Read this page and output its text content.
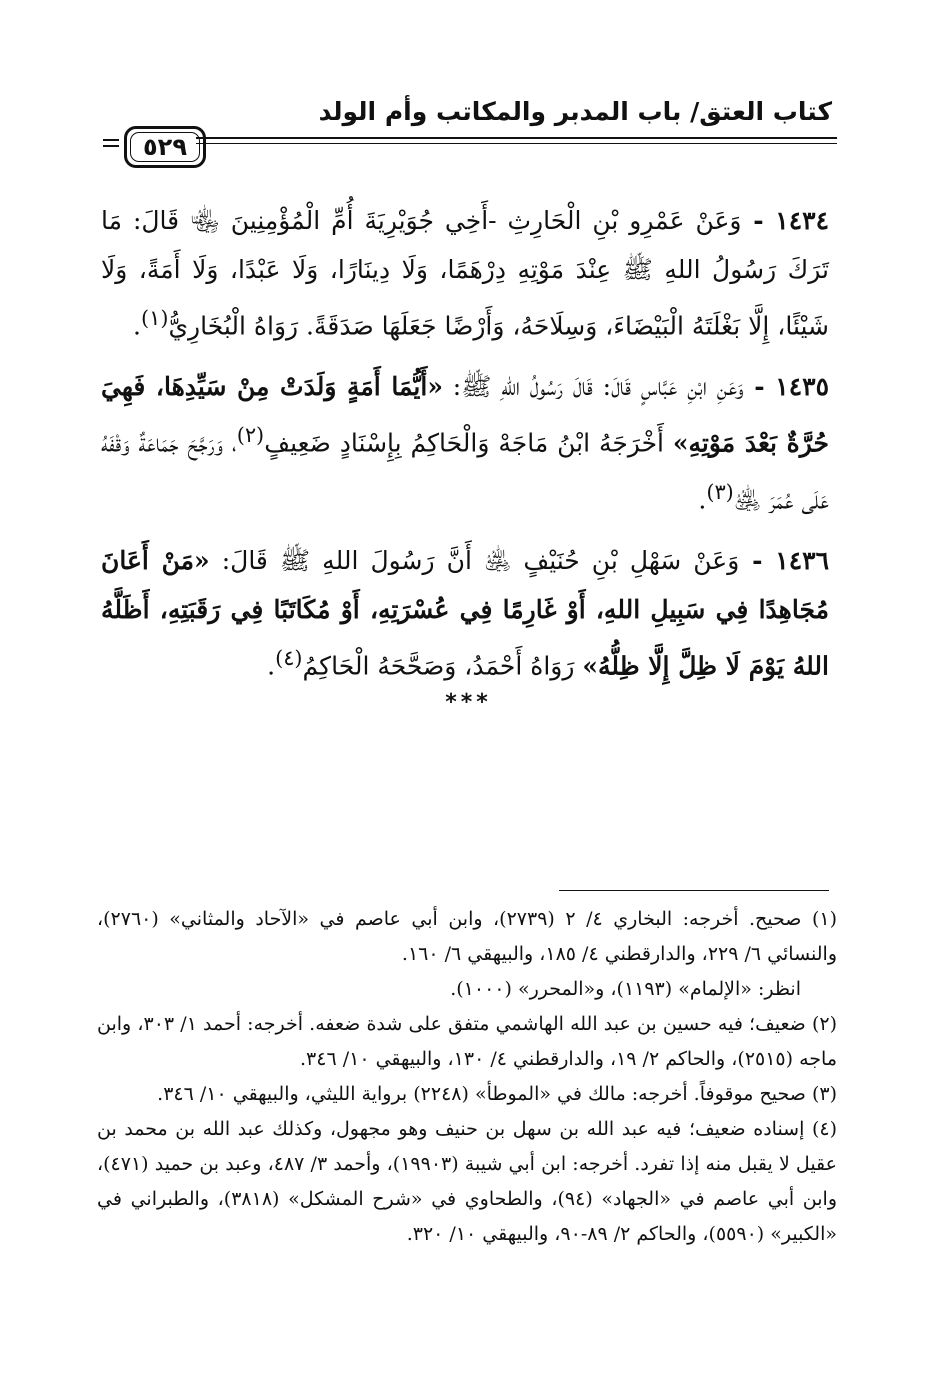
كتاب العتق/ باب المدبر والمكاتب وأم الولد
٥٢٩

١٤٣٤ - وَعَنْ عَمْرِو بْنِ الْحَارِثِ -أَخِي جُوَيْرِيَةَ أُمِّ الْمُؤْمِنِينَ ﵄ قَالَ: مَا تَرَكَ رَسُولُ اللهِ ﷺ عِنْدَ مَوْتِهِ دِرْهَمًا، وَلَا دِينَارًا، وَلَا عَبْدًا، وَلَا أَمَةً، وَلَا شَيْئًا، إِلَّا بَغْلَتَهُ الْبَيْضَاءَ، وَسِلَاحَهُ، وَأَرْضًا جَعَلَهَا صَدَقَةً. رَوَاهُ الْبُخَارِيُّ$^{(١)}$.

١٤٣٥ - وَعَنِ ابْنِ عَبَّاسٍ قَالَ: قَالَ رَسُولُ اللهِ ﷺ: «أَيُّمَا أَمَةٍ وَلَدَتْ مِنْ سَيِّدِهَا، فَهِيَ حُرَّةٌ بَعْدَ مَوْتِهِ» أَخْرَجَهُ ابْنُ مَاجَهْ وَالْحَاكِمُ بِإِسْنَادٍ ضَعِيفٍ$^{(٢)}$، وَرَجَّحَ جَمَاعَةٌ وَقْفَهُ عَلَى عُمَرَ ﵁$^{(٣)}$.

١٤٣٦ - وَعَنْ سَهْلِ بْنِ حُنَيْفٍ ﵁ أَنَّ رَسُولَ اللهِ ﷺ قَالَ: «مَنْ أَعَانَ مُجَاهِدًا فِي سَبِيلِ اللهِ، أَوْ غَارِمًا فِي عُسْرَتِهِ، أَوْ مُكَاتَبًا فِي رَقَبَتِهِ، أَظَلَّهُ اللهُ يَوْمَ لَا ظِلَّ إِلَّا ظِلُّهُ» رَوَاهُ أَحْمَدُ، وَصَحَّحَهُ الْحَاكِمُ$^{(٤)}$.

***

(١) صحيح. أخرجه: البخاري ٤/ ٢ (٢٧٣٩)، وابن أبي عاصم في «الآحاد والمثاني» (٢٧٦٠)، والنسائي ٦/ ٢٢٩، والدارقطني ٤/ ١٨٥، والبيهقي ٦/ ١٦٠.

انظر: «الإلمام» (١١٩٣)، و«المحرر» (١٠٠٠).

(٢) ضعيف؛ فيه حسين بن عبد الله الهاشمي متفق على شدة ضعفه. أخرجه: أحمد ١/ ٣٠٣، وابن ماجه (٢٥١٥)، والحاكم ٢/ ١٩، والدارقطني ٤/ ١٣٠، والبيهقي ١٠/ ٣٤٦.

(٣) صحيح موقوفاً. أخرجه: مالك في «الموطأ» (٢٢٤٨) برواية الليثي، والبيهقي ١٠/ ٣٤٦.

(٤) إسناده ضعيف؛ فيه عبد الله بن سهل بن حنيف وهو مجهول، وكذلك عبد الله بن محمد بن عقيل لا يقبل منه إذا تفرد. أخرجه: ابن أبي شيبة (١٩٩٠٣)، وأحمد ٣/ ٤٨٧، وعبد بن حميد (٤٧١)، وابن أبي عاصم في «الجهاد» (٩٤)، والطحاوي في «شرح المشكل» (٣٨١٨)، والطبراني في «الكبير» (٥٥٩٠)، والحاكم ٢/ ٨٩-٩٠، والبيهقي ١٠/ ٣٢٠.
